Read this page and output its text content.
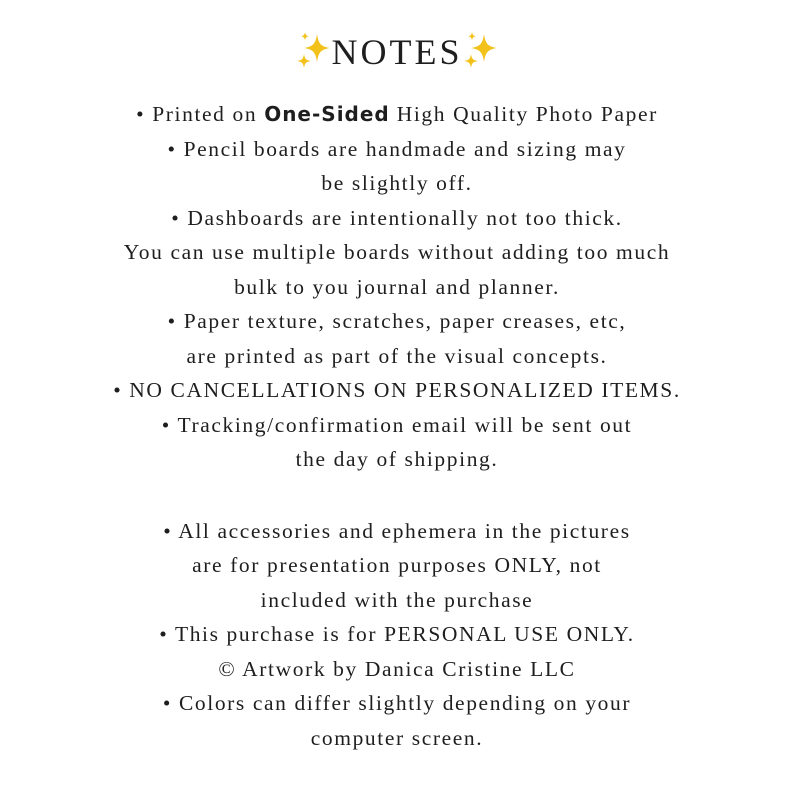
NOTES
• Printed on One-Sided High Quality Photo Paper
• Pencil boards are handmade and sizing may
be slightly off.
• Dashboards are intentionally not too thick.
You can use multiple boards without adding too much
bulk to you journal and planner.
• Paper texture, scratches, paper creases, etc,
are printed as part of the visual concepts.
• NO CANCELLATIONS ON PERSONALIZED ITEMS.
• Tracking/confirmation email will be sent out
the day of shipping.
• All accessories and ephemera in the pictures
are for presentation purposes ONLY, not
included with the purchase
• This purchase is for PERSONAL USE ONLY.
© Artwork by Danica Cristine LLC
• Colors can differ slightly depending on your
computer screen.
